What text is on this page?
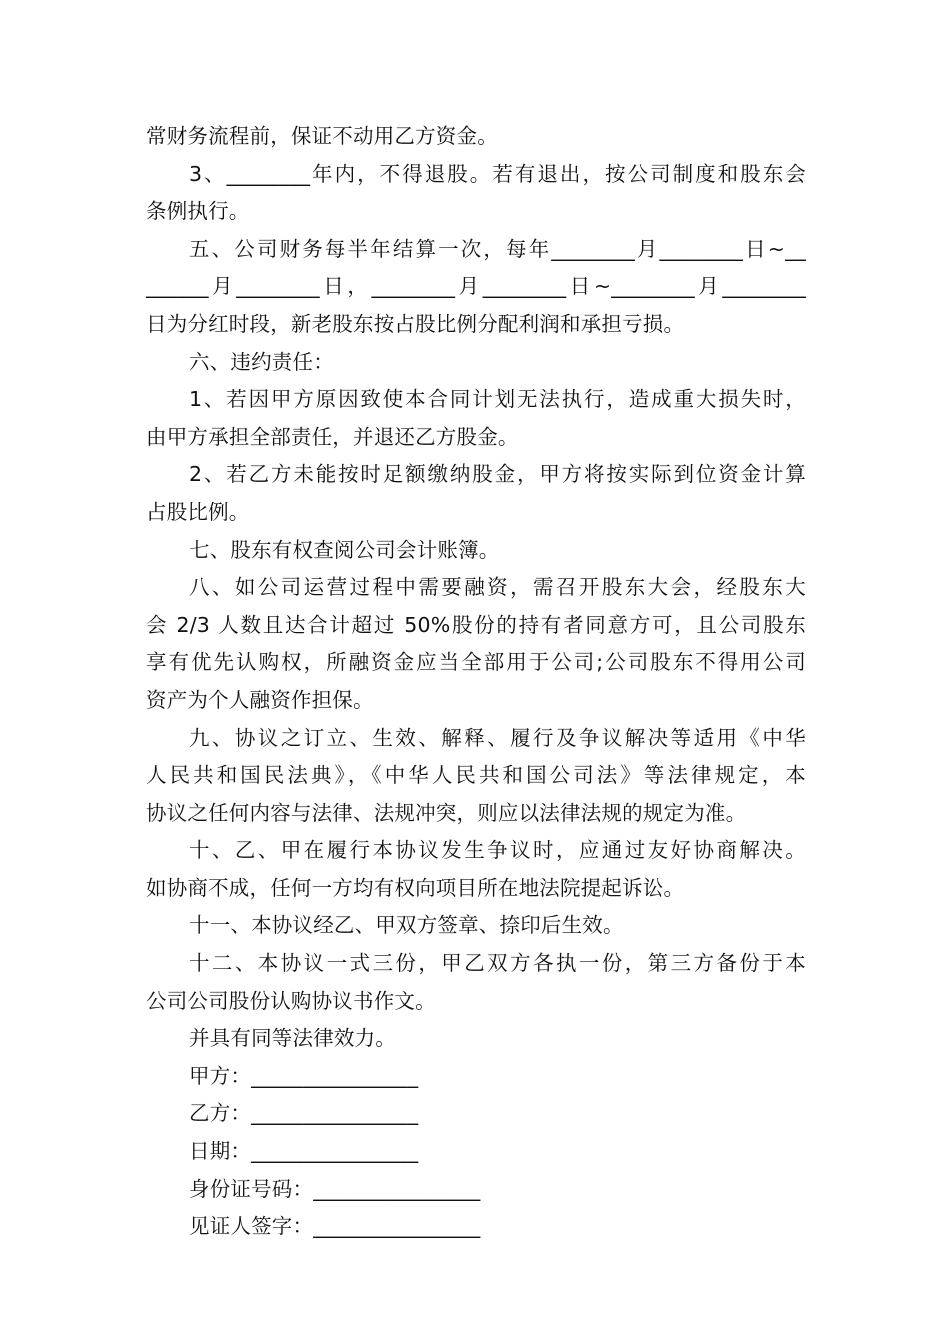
常财务流程前，保证不动用乙方资金。
3、________年内，不得退股。若有退出，按公司制度和股东会
条例执行。
五、公司财务每半年结算一次，每年________月________日~__
______月________日，________月________日~________月________
日为分红时段，新老股东按占股比例分配利润和承担亏损。
六、违约责任：
1、若因甲方原因致使本合同计划无法执行，造成重大损失时，
由甲方承担全部责任，并退还乙方股金。
2、若乙方未能按时足额缴纳股金，甲方将按实际到位资金计算
占股比例。
七、股东有权查阅公司会计账簿。
八、如公司运营过程中需要融资，需召开股东大会，经股东大
会 2/3 人数且达合计超过 50%股份的持有者同意方可，且公司股东
享有优先认购权，所融资金应当全部用于公司;公司股东不得用公司
资产为个人融资作担保。
九、协议之订立、生效、解释、履行及争议解决等适用《中华
人民共和国民法典》，《中华人民共和国公司法》等法律规定，本
协议之任何内容与法律、法规冲突，则应以法律法规的规定为准。
十、乙、甲在履行本协议发生争议时，应通过友好协商解决。
如协商不成，任何一方均有权向项目所在地法院提起诉讼。
十一、本协议经乙、甲双方签章、捺印后生效。
十二、本协议一式三份，甲乙双方各执一份，第三方备份于本
公司公司股份认购协议书作文。
并具有同等法律效力。
甲方：________________
乙方：________________
日期：________________
身份证号码：________________
见证人签字：________________
